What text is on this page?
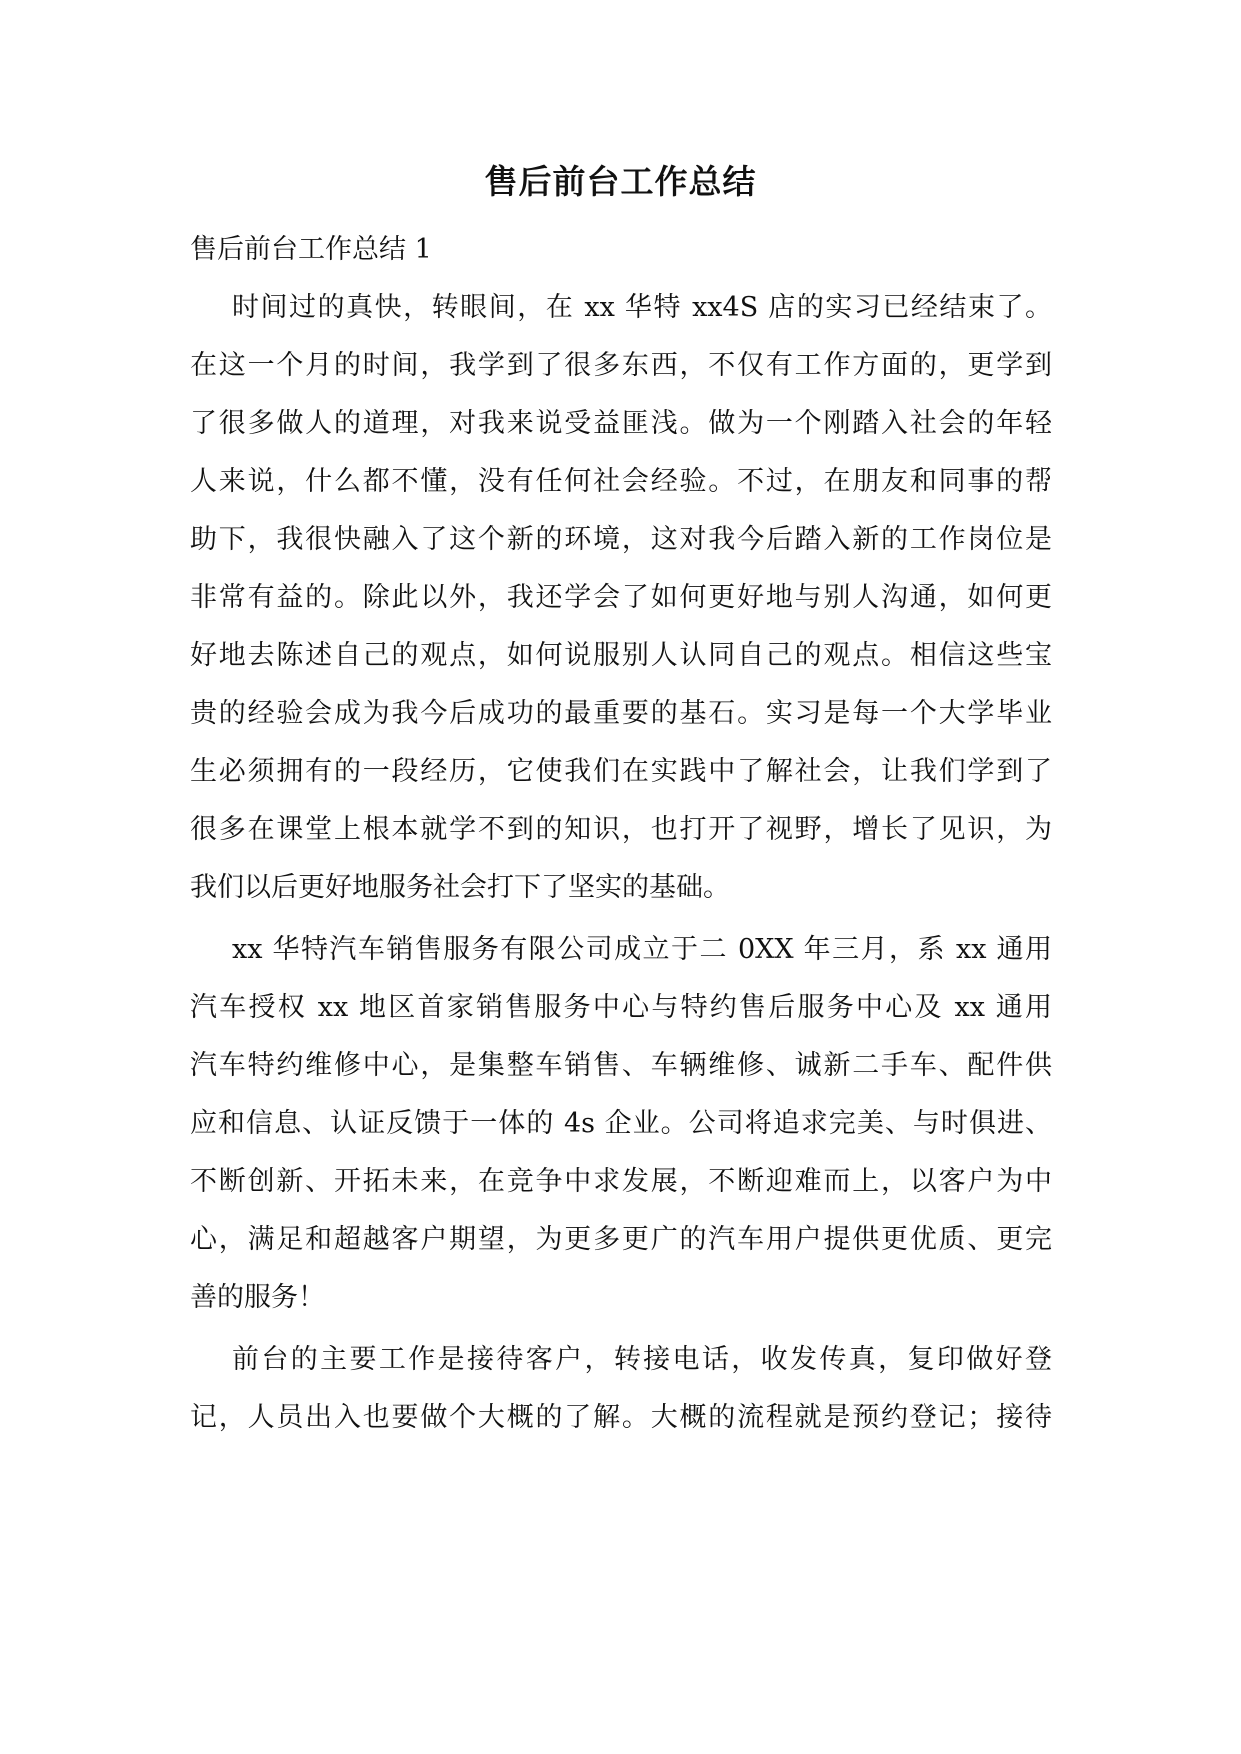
售后前台工作总结

售后前台工作总结 1

时间过的真快，转眼间，在 xx 华特 xx4S 店的实习已经结束了。

在这一个月的时间，我学到了很多东西，不仅有工作方面的，更学到

了很多做人的道理，对我来说受益匪浅。做为一个刚踏入社会的年轻

人来说，什么都不懂，没有任何社会经验。不过，在朋友和同事的帮

助下，我很快融入了这个新的环境，这对我今后踏入新的工作岗位是

非常有益的。除此以外，我还学会了如何更好地与别人沟通，如何更

好地去陈述自己的观点，如何说服别人认同自己的观点。相信这些宝

贵的经验会成为我今后成功的最重要的基石。实习是每一个大学毕业

生必须拥有的一段经历，它使我们在实践中了解社会，让我们学到了

很多在课堂上根本就学不到的知识，也打开了视野，增长了见识，为

我们以后更好地服务社会打下了坚实的基础。

xx 华特汽车销售服务有限公司成立于二 0XX 年三月，系 xx 通用

汽车授权 xx 地区首家销售服务中心与特约售后服务中心及 xx 通用

汽车特约维修中心，是集整车销售、车辆维修、诚新二手车、配件供

应和信息、认证反馈于一体的 4s 企业。公司将追求完美、与时俱进、

不断创新、开拓未来，在竞争中求发展，不断迎难而上，以客户为中

心，满足和超越客户期望，为更多更广的汽车用户提供更优质、更完

善的服务！

前台的主要工作是接待客户，转接电话，收发传真，复印做好登

记，人员出入也要做个大概的了解。大概的流程就是预约登记；接待
